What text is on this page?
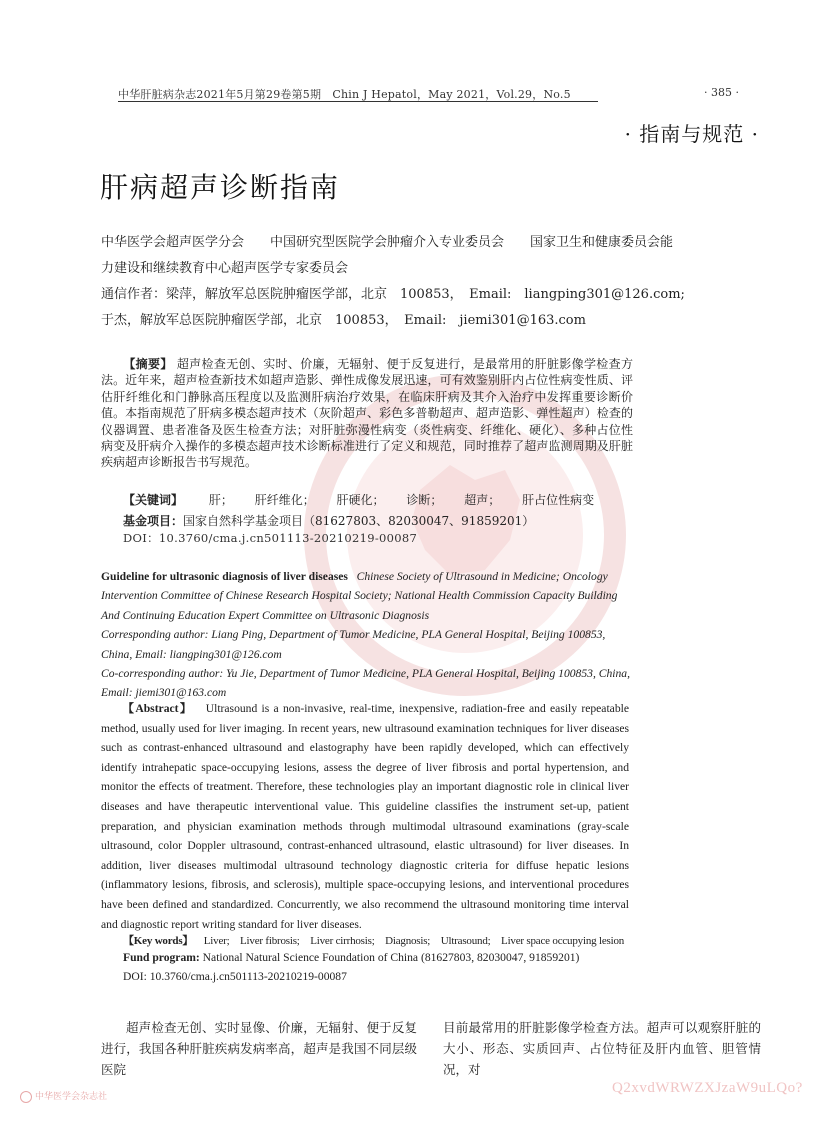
中华肝脏病杂志2021年5月第29卷第5期　Chin J Hepatol，May 2021，Vol.29，No.5	· 385 ·
· 指南与规范 ·
肝病超声诊断指南
中华医学会超声医学分会　　中国研究型医院学会肿瘤介入专业委员会　　国家卫生和健康委员会能
力建设和继续教育中心超声医学专家委员会
通信作者：梁萍，解放军总医院肿瘤医学部，北京　100853，　Email:　liangping301@126.com;
于杰，解放军总医院肿瘤医学部，北京　100853，　Email:　jiemi301@163.com
【摘要】 超声检查无创、实时、价廉，无辐射、便于反复进行，是最常用的肝脏影像学检查方法。近年来，超声检查新技术如超声造影、弹性成像发展迅速，可有效鉴别肝内占位性病变性质、评估肝纤维化和门静脉高压程度以及监测肝病治疗效果，在临床肝病及其介入治疗中发挥重要诊断价值。本指南规范了肝病多模态超声技术（灰阶超声、彩色多普勒超声、超声造影、弹性超声）检查的仪器调置、患者准备及医生检查方法；对肝脏弥漫性病变（炎性病变、纤维化、硬化）、多种占位性病变及肝病介入操作的多模态超声技术诊断标准进行了定义和规范，同时推荐了超声监测周期及肝脏疾病超声诊断报告书写规范。
【关键词】 肝； 肝纤维化； 肝硬化； 诊断； 超声； 肝占位性病变
基金项目：国家自然科学基金项目（81627803、82030047、91859201）
DOI：10.3760/cma.j.cn501113-20210219-00087
Guideline for ultrasonic diagnosis of liver diseases Chinese Society of Ultrasound in Medicine; Oncology Intervention Committee of Chinese Research Hospital Society; National Health Commission Capacity Building And Continuing Education Expert Committee on Ultrasonic Diagnosis
Corresponding author: Liang Ping, Department of Tumor Medicine, PLA General Hospital, Beijing 100853, China, Email: liangping301@126.com
Co-corresponding author: Yu Jie, Department of Tumor Medicine, PLA General Hospital, Beijing 100853, China, Email: jiemi301@163.com
【Abstract】 Ultrasound is a non-invasive, real-time, inexpensive, radiation-free and easily repeatable method, usually used for liver imaging. In recent years, new ultrasound examination techniques for liver diseases such as contrast-enhanced ultrasound and elastography have been rapidly developed, which can effectively identify intrahepatic space-occupying lesions, assess the degree of liver fibrosis and portal hypertension, and monitor the effects of treatment. Therefore, these technologies play an important diagnostic role in clinical liver diseases and have therapeutic interventional value. This guideline classifies the instrument set-up, patient preparation, and physician examination methods through multimodal ultrasound examinations (gray-scale ultrasound, color Doppler ultrasound, contrast-enhanced ultrasound, elastic ultrasound) for liver diseases. In addition, liver diseases multimodal ultrasound technology diagnostic criteria for diffuse hepatic lesions (inflammatory lesions, fibrosis, and sclerosis), multiple space-occupying lesions, and interventional procedures have been defined and standardized. Concurrently, we also recommend the ultrasound monitoring time interval and diagnostic report writing standard for liver diseases.
【Key words】 Liver; Liver fibrosis; Liver cirrhosis; Diagnosis; Ultrasound; Liver space occupying lesion
Fund program: National Natural Science Foundation of China (81627803, 82030047, 91859201)
DOI: 10.3760/cma.j.cn501113-20210219-00087
超声检查无创、实时显像、价廉，无辐射、便于反复进行，我国各种肝脏疾病发病率高，超声是我国不同层级医院
目前最常用的肝脏影像学检查方法。超声可以观察肝脏的大小、形态、实质回声、占位特征及肝内血管、胆管情况，对
中华医学会杂志社
Q2xvdWRWZXJzaW9uLQo?
